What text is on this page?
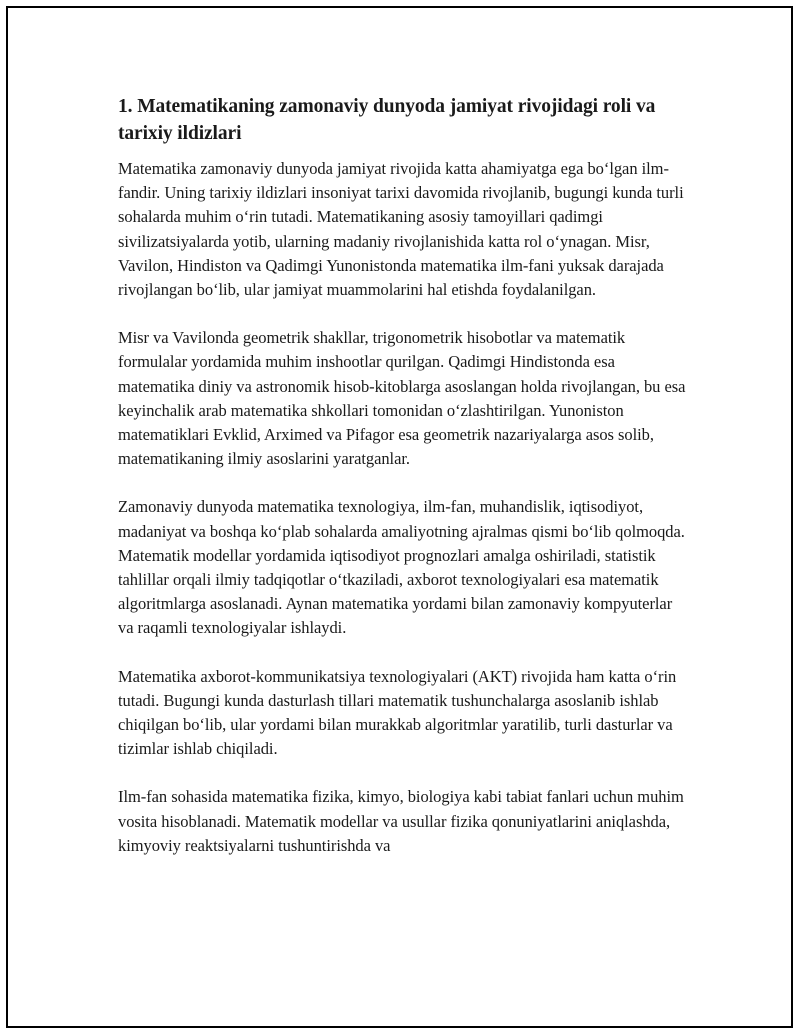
1. Matematikaning zamonaviy dunyoda jamiyat rivojidagi roli va tarixiy ildizlari

Matematika zamonaviy dunyoda jamiyat rivojida katta ahamiyatga ega bo‘lgan ilm-fandir. Uning tarixiy ildizlari insoniyat tarixi davomida rivojlanib, bugungi kunda turli sohalarda muhim o‘rin tutadi. Matematikaning asosiy tamoyillari qadimgi sivilizatsiyalarda yotib, ularning madaniy rivojlanishida katta rol o‘ynagan. Misr, Vavilon, Hindiston va Qadimgi Yunonistonda matematika ilm-fani yuksak darajada rivojlangan bo‘lib, ular jamiyat muammolarini hal etishda foydalanilgan.

Misr va Vavilonda geometrik shakllar, trigonometrik hisobotlar va matematik formulalar yordamida muhim inshootlar qurilgan. Qadimgi Hindistonda esa matematika diniy va astronomik hisob-kitoblarga asoslangan holda rivojlangan, bu esa keyinchalik arab matematika shkollari tomonidan o‘zlashtirilgan. Yunoniston matematiklari Evklid, Arximed va Pifagor esa geometrik nazariyalarga asos solib, matematikaning ilmiy asoslarini yaratganlar.

Zamonaviy dunyoda matematika texnologiya, ilm-fan, muhandislik, iqtisodiyot, madaniyat va boshqa ko‘plab sohalarda amaliyotning ajralmas qismi bo‘lib qolmoqda. Matematik modellar yordamida iqtisodiyot prognozlari amalga oshiriladi, statistik tahlillar orqali ilmiy tadqiqotlar o‘tkaziladi, axborot texnologiyalari esa matematik algoritmlarga asoslanadi. Aynan matematika yordami bilan zamonaviy kompyuterlar va raqamli texnologiyalar ishlaydi.

Matematika axborot-kommunikatsiya texnologiyalari (AKT) rivojida ham katta o‘rin tutadi. Bugungi kunda dasturlash tillari matematik tushunchalarga asoslanib ishlab chiqilgan bo‘lib, ular yordami bilan murakkab algoritmlar yaratilib, turli dasturlar va tizimlar ishlab chiqiladi.

Ilm-fan sohasida matematika fizika, kimyo, biologiya kabi tabiat fanlari uchun muhim vosita hisoblanadi. Matematik modellar va usullar fizika qonuniyatlarini aniqlashda, kimyoviy reaktsiyalarni tushuntirishda va
